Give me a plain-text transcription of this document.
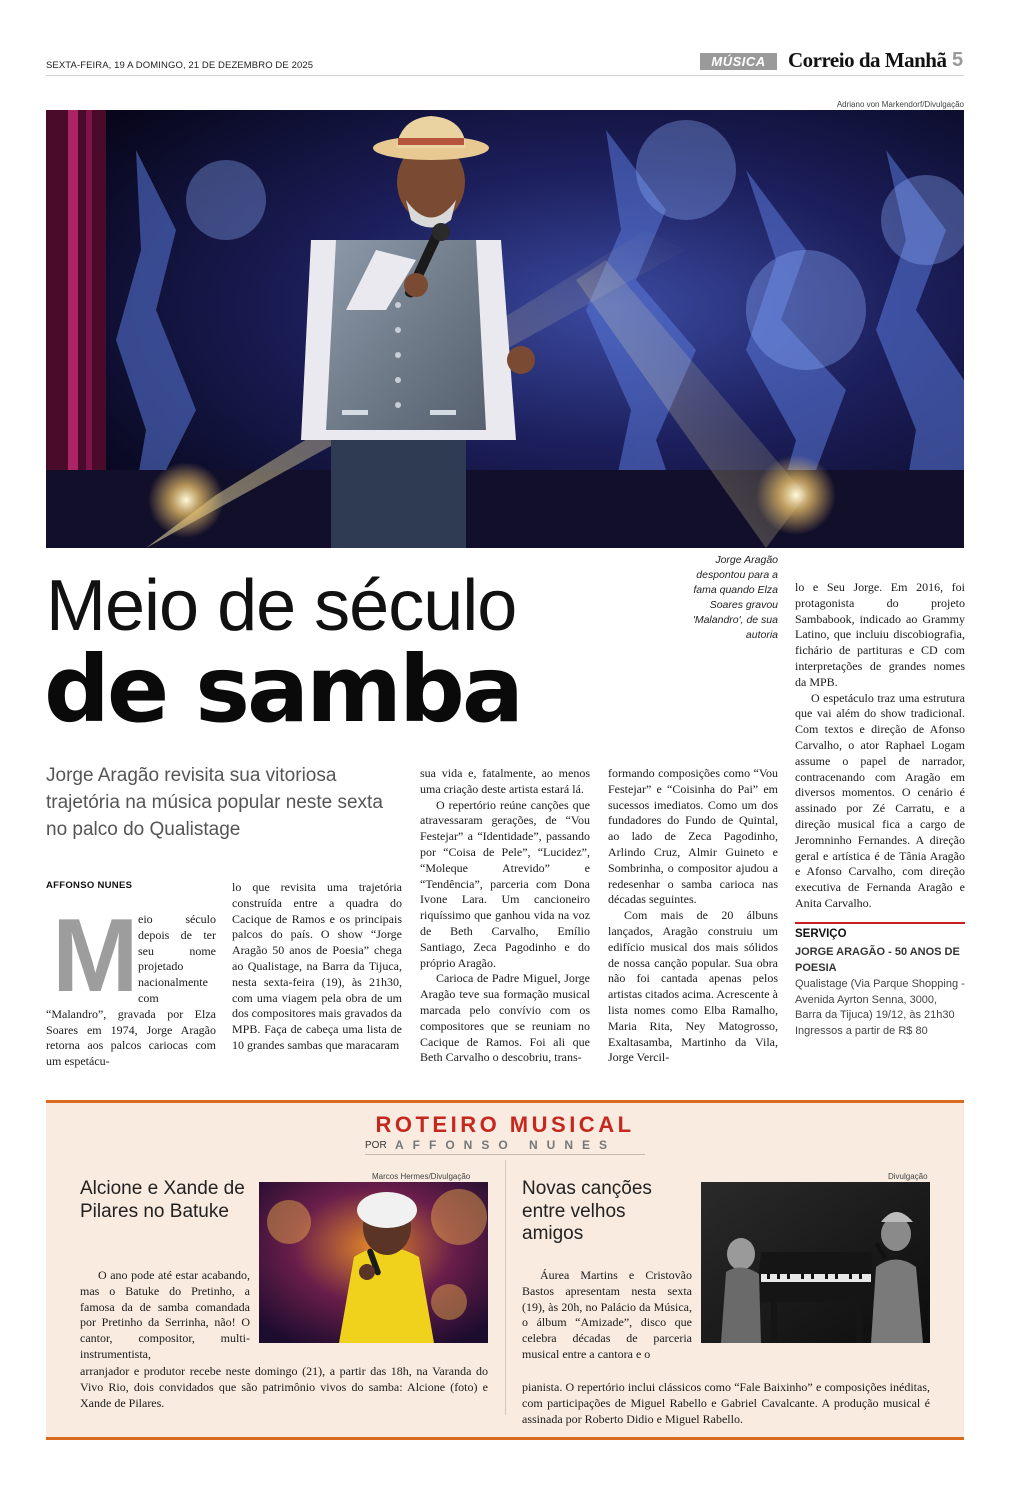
SEXTA-FEIRA, 19 A DOMINGO, 21 DE DEZEMBRO DE 2025	MÚSICA	Correio da Manhã 5
Adriano von Markendorf/Divulgação
Jorge Aragão despontou para a fama quando Elza Soares gravou 'Malandro', de sua autoria
Meio de século
de samba
Jorge Aragão revisita sua vitoriosa trajetória na música popular neste sexta no palco do Qualistage
AFFONSO NUNES
M eio século depois de ter seu nome projetado nacionalmente com “Malandro”, gravada por Elza Soares em 1974, Jorge Aragão retorna aos palcos cariocas com um espetácu-

lo que revisita uma trajetória construída entre a quadra do Cacique de Ramos e os principais palcos do país. O show “Jorge Aragão 50 anos de Poesia” chega ao Qualistage, na Barra da Tijuca, nesta sexta-feira (19), às 21h30, com uma viagem pela obra de um dos compositores mais gravados da MPB. Faça de cabeça uma lista de 10 grandes sambas que maracaram

sua vida e, fatalmente, ao menos uma criação deste artista estará lá.

O repertório reúne canções que atravessaram gerações, de “Vou Festejar” a “Identidade”, passando por “Coisa de Pele”, “Lucidez”, “Moleque Atrevido” e “Tendência”, parceria com Dona Ivone Lara. Um cancioneiro riquíssimo que ganhou vida na voz de Beth Carvalho, Emílio Santiago, Zeca Pagodinho e do próprio Aragão.

Carioca de Padre Miguel, Jorge Aragão teve sua formação musical marcada pelo convívio com os compositores que se reuniam no Cacique de Ramos. Foi ali que Beth Carvalho o descobriu, trans-

formando composições como “Vou Festejar” e “Coisinha do Pai” em sucessos imediatos. Como um dos fundadores do Fundo de Quintal, ao lado de Zeca Pagodinho, Arlindo Cruz, Almir Guineto e Sombrinha, o compositor ajudou a redesenhar o samba carioca nas décadas seguintes.

Com mais de 20 álbuns lançados, Aragão construiu um edifício musical dos mais sólidos de nossa canção popular. Sua obra não foi cantada apenas pelos artistas citados acima. Acrescente à lista nomes como Elba Ramalho, Maria Rita, Ney Matogrosso, Exaltasamba, Martinho da Vila, Jorge Vercil-

lo e Seu Jorge. Em 2016, foi protagonista do projeto Sambabook, indicado ao Grammy Latino, que incluiu discobiografia, fichário de partituras e CD com interpretações de grandes nomes da MPB.

O espetáculo traz uma estrutura que vai além do show tradicional. Com textos e direção de Afonso Carvalho, o ator Raphael Logam assume o papel de narrador, contracenando com Aragão em diversos momentos. O cenário é assinado por Zé Carratu, e a direção musical fica a cargo de Jeromninho Fernandes. A direção geral e artística é de Tânia Aragão e Afonso Carvalho, com direção executiva de Fernanda Aragão e Anita Carvalho.

SERVIÇO
JORGE ARAGÃO - 50 ANOS DE POESIA
Qualistage (Via Parque Shopping - Avenida Ayrton Senna, 3000, Barra da Tijuca) 19/12, às 21h30 Ingressos a partir de R$ 80
ROTEIRO MUSICAL
POR AFFONSO NUNES
Alcione e Xande de Pilares no Batuke
Marcos Hermes/Divulgação

O ano pode até estar acabando, mas o Batuke do Pretinho, a famosa da de samba comandada por Pretinho da Serrinha, não! O cantor, compositor, multi-instrumentista,

arranjador e produtor recebe neste domingo (21), a partir das 18h, na Varanda do Vivo Rio, dois convidados que são patrimônio vivos do samba: Alcione (foto) e Xande de Pilares.

Novas canções entre velhos amigos
Divulgação

Áurea Martins e Cristovão Bastos apresentam nesta sexta (19), às 20h, no Palácio da Música, o álbum “Amizade”, disco que celebra décadas de parceria musical entre a cantora e o

pianista. O repertório inclui clássicos como “Fale Baixinho” e composições inéditas, com participações de Miguel Rabello e Gabriel Cavalcante. A produção musical é assinada por Roberto Didio e Miguel Rabello.
